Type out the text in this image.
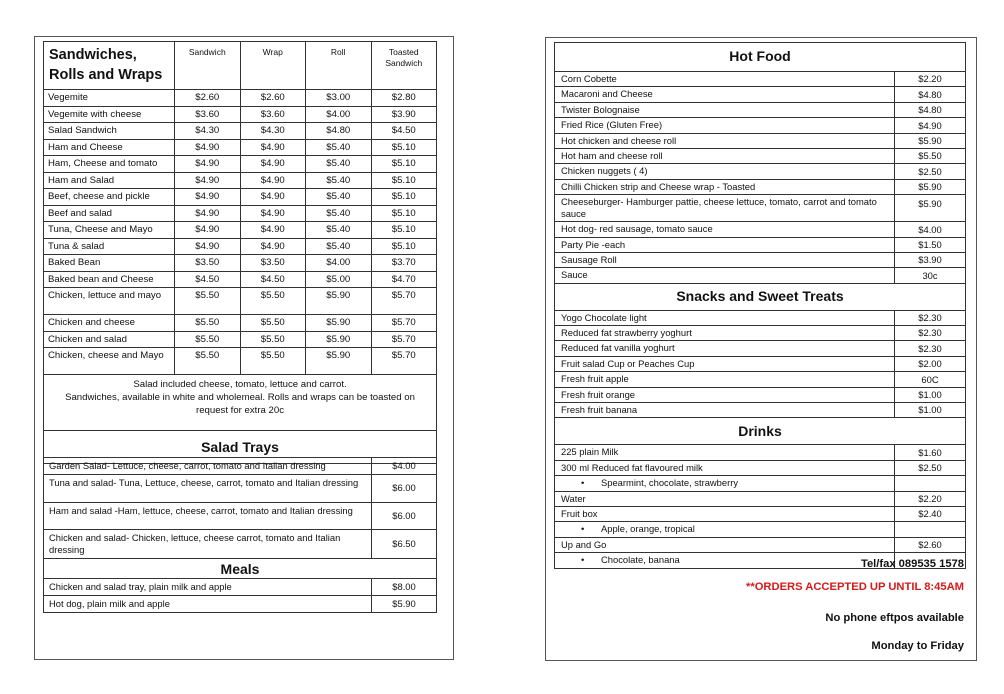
Sandwiches,
Rolls and Wraps	Sandwich	Wrap	Roll	Toasted Sandwich
Vegemite	$2.60	$2.60	$3.00	$2.80
Vegemite with cheese	$3.60	$3.60	$4.00	$3.90
Salad Sandwich	$4.30	$4.30	$4.80	$4.50
Ham and Cheese	$4.90	$4.90	$5.40	$5.10
Ham, Cheese and tomato	$4.90	$4.90	$5.40	$5.10
Ham and Salad	$4.90	$4.90	$5.40	$5.10
Beef, cheese and pickle	$4.90	$4.90	$5.40	$5.10
Beef and salad	$4.90	$4.90	$5.40	$5.10
Tuna, Cheese and Mayo	$4.90	$4.90	$5.40	$5.10
Tuna & salad	$4.90	$4.90	$5.40	$5.10
Baked Bean	$3.50	$3.50	$4.00	$3.70
Baked bean and Cheese	$4.50	$4.50	$5.00	$4.70
Chicken, lettuce and mayo	$5.50	$5.50	$5.90	$5.70
Chicken and cheese	$5.50	$5.50	$5.90	$5.70
Chicken and salad	$5.50	$5.50	$5.90	$5.70
Chicken, cheese and Mayo	$5.50	$5.50	$5.90	$5.70
Salad included cheese, tomato, lettuce and carrot.
Sandwiches, available in white and wholemeal. Rolls and wraps can be toasted on request for extra 20c				
Salad Trays				
Garden Salad- Lettuce, cheese, carrot, tomato and Italian dressing	$4.00
Tuna and salad- Tuna, Lettuce, cheese, carrot, tomato and Italian dressing	$6.00
Ham and salad -Ham, lettuce, cheese, carrot, tomato and Italian dressing	$6.00
Chicken and salad- Chicken, lettuce, cheese carrot, tomato and Italian dressing	$6.50
Meals	
Chicken and salad tray, plain milk and apple	$8.00
Hot dog, plain milk and apple	$5.90
Hot Food	
Corn Cobette	$2.20
Macaroni and Cheese	$4.80
Twister Bolognaise	$4.80
Fried Rice (Gluten Free)	$4.90
Hot chicken and cheese roll	$5.90
Hot ham and cheese roll	$5.50
Chicken nuggets ( 4)	$2.50
Chilli Chicken strip and Cheese wrap - Toasted	$5.90
Cheeseburger- Hamburger pattie, cheese lettuce, tomato, carrot and tomato sauce	$5.90
Hot dog- red sausage, tomato sauce	$4.00
Party Pie -each	$1.50
Sausage Roll	$3.90
Sauce	30c
Snacks and Sweet Treats	
Yogo Chocolate light	$2.30
Reduced fat strawberry yoghurt	$2.30
Reduced fat vanilla yoghurt	$2.30
Fruit salad Cup or Peaches Cup	$2.00
Fresh fruit apple	60C
Fresh fruit orange	$1.00
Fresh fruit banana	$1.00
Drinks	
225 plain Milk	$1.60
300 ml Reduced fat flavoured milk	$2.50
• Spearmint, chocolate, strawberry	
Water	$2.20
Fruit box	$2.40
• Apple, orange, tropical	
Up and Go	$2.60
• Chocolate, banana		Tel/fax 089535 1578
**ORDERS ACCEPTED UP UNTIL 8:45AM
No phone eftpos available
Monday to Friday
